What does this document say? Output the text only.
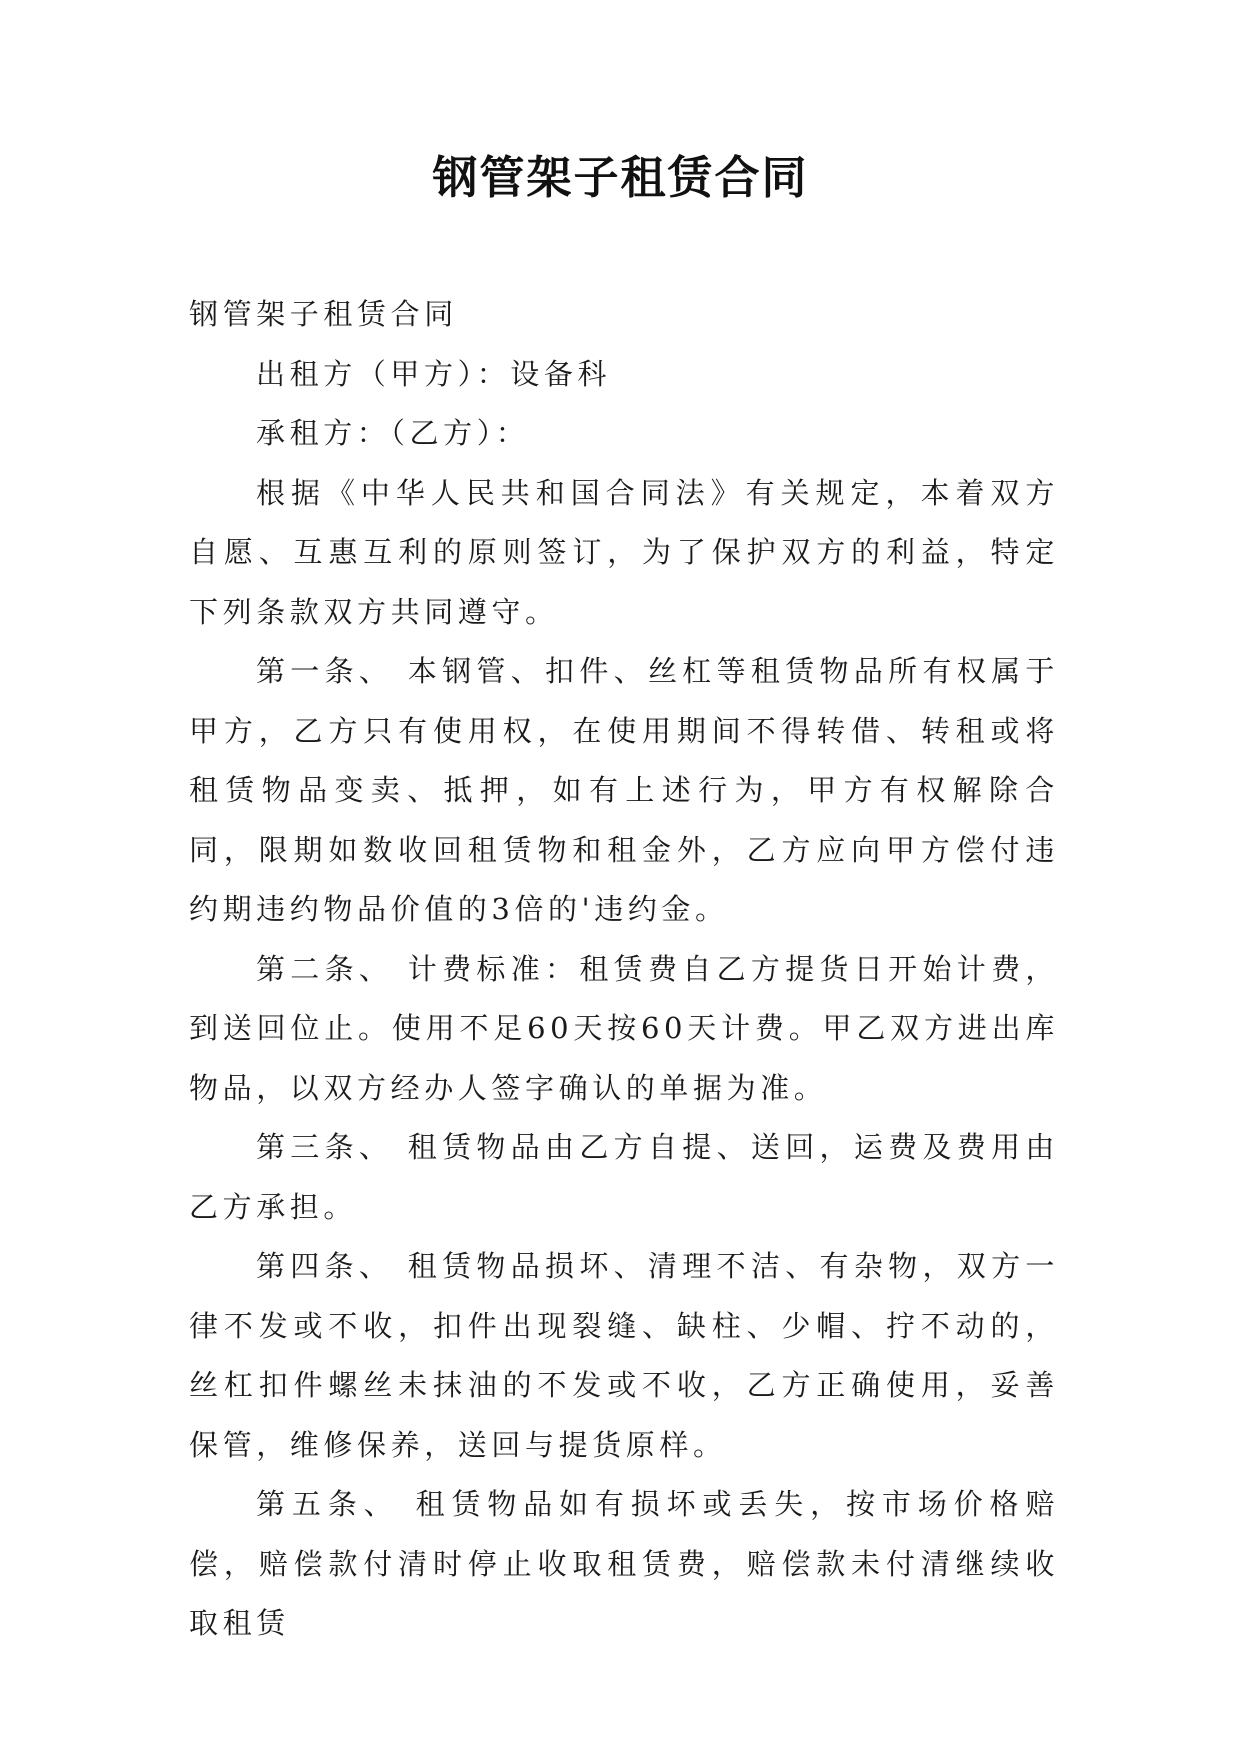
钢管架子租赁合同

钢管架子租赁合同

出租方（甲方）：设备科

承租方：（乙方）：

根据《中华人民共和国合同法》有关规定，本着双方自愿、互惠互利的原则签订，为了保护双方的利益，特定下列条款双方共同遵守。

第一条、 本钢管、扣件、丝杠等租赁物品所有权属于甲方，乙方只有使用权，在使用期间不得转借、转租或将租赁物品变卖、抵押，如有上述行为，甲方有权解除合同，限期如数收回租赁物和租金外，乙方应向甲方偿付违约期违约物品价值的3倍的'违约金。

第二条、 计费标准：租赁费自乙方提货日开始计费，到送回位止。使用不足60天按60天计费。甲乙双方进出库物品，以双方经办人签字确认的单据为准。

第三条、 租赁物品由乙方自提、送回，运费及费用由乙方承担。

第四条、 租赁物品损坏、清理不洁、有杂物，双方一律不发或不收，扣件出现裂缝、缺柱、少帽、拧不动的，丝杠扣件螺丝未抹油的不发或不收，乙方正确使用，妥善保管，维修保养，送回与提货原样。

第五条、 租赁物品如有损坏或丢失，按市场价格赔偿，赔偿款付清时停止收取租赁费，赔偿款未付清继续收取租赁
